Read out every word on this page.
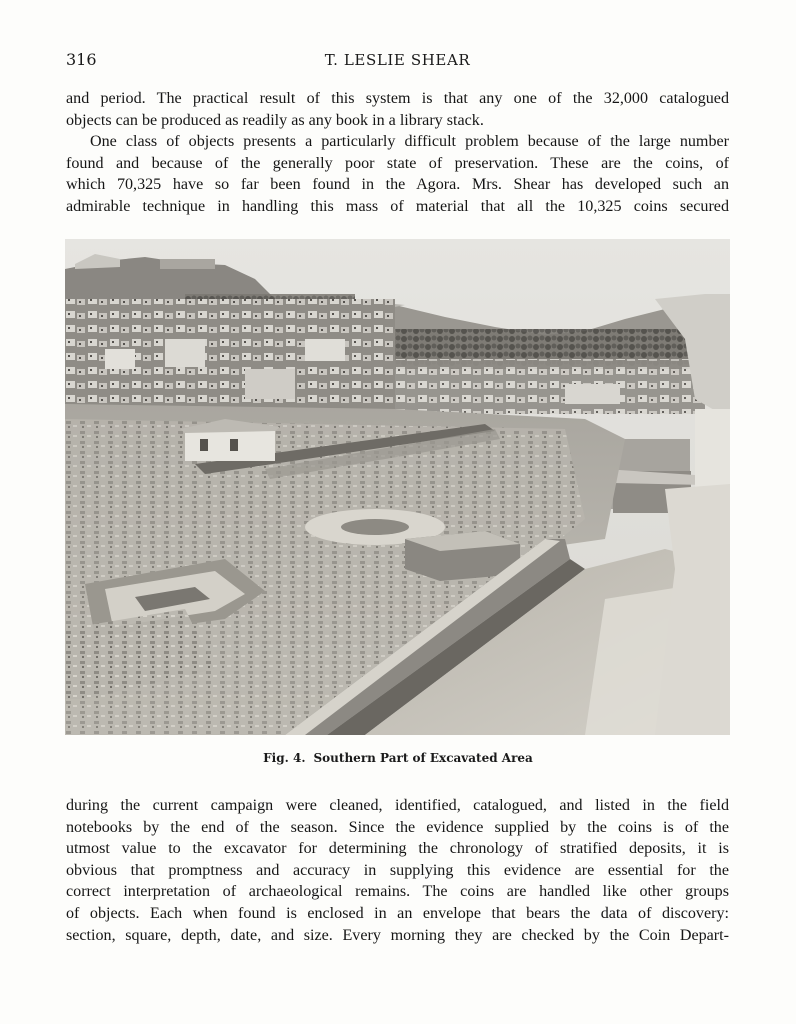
316	T. LESLIE SHEAR
and period. The practical result of this system is that any one of the 32,000 catalogued
objects can be produced as readily as any book in a library stack.
One class of objects presents a particularly difficult problem because of the large number
found and because of the generally poor state of preservation. These are the coins, of
which 70,325 have so far been found in the Agora. Mrs. Shear has developed such an
admirable technique in handling this mass of material that all the 10,325 coins secured
Fig. 4. Southern Part of Excavated Area
during the current campaign were cleaned, identified, catalogued, and listed in the field
notebooks by the end of the season. Since the evidence supplied by the coins is of the
utmost value to the excavator for determining the chronology of stratified deposits, it is
obvious that promptness and accuracy in supplying this evidence are essential for the
correct interpretation of archaeological remains. The coins are handled like other groups
of objects. Each when found is enclosed in an envelope that bears the data of discovery:
section, square, depth, date, and size. Every morning they are checked by the Coin Depart-
